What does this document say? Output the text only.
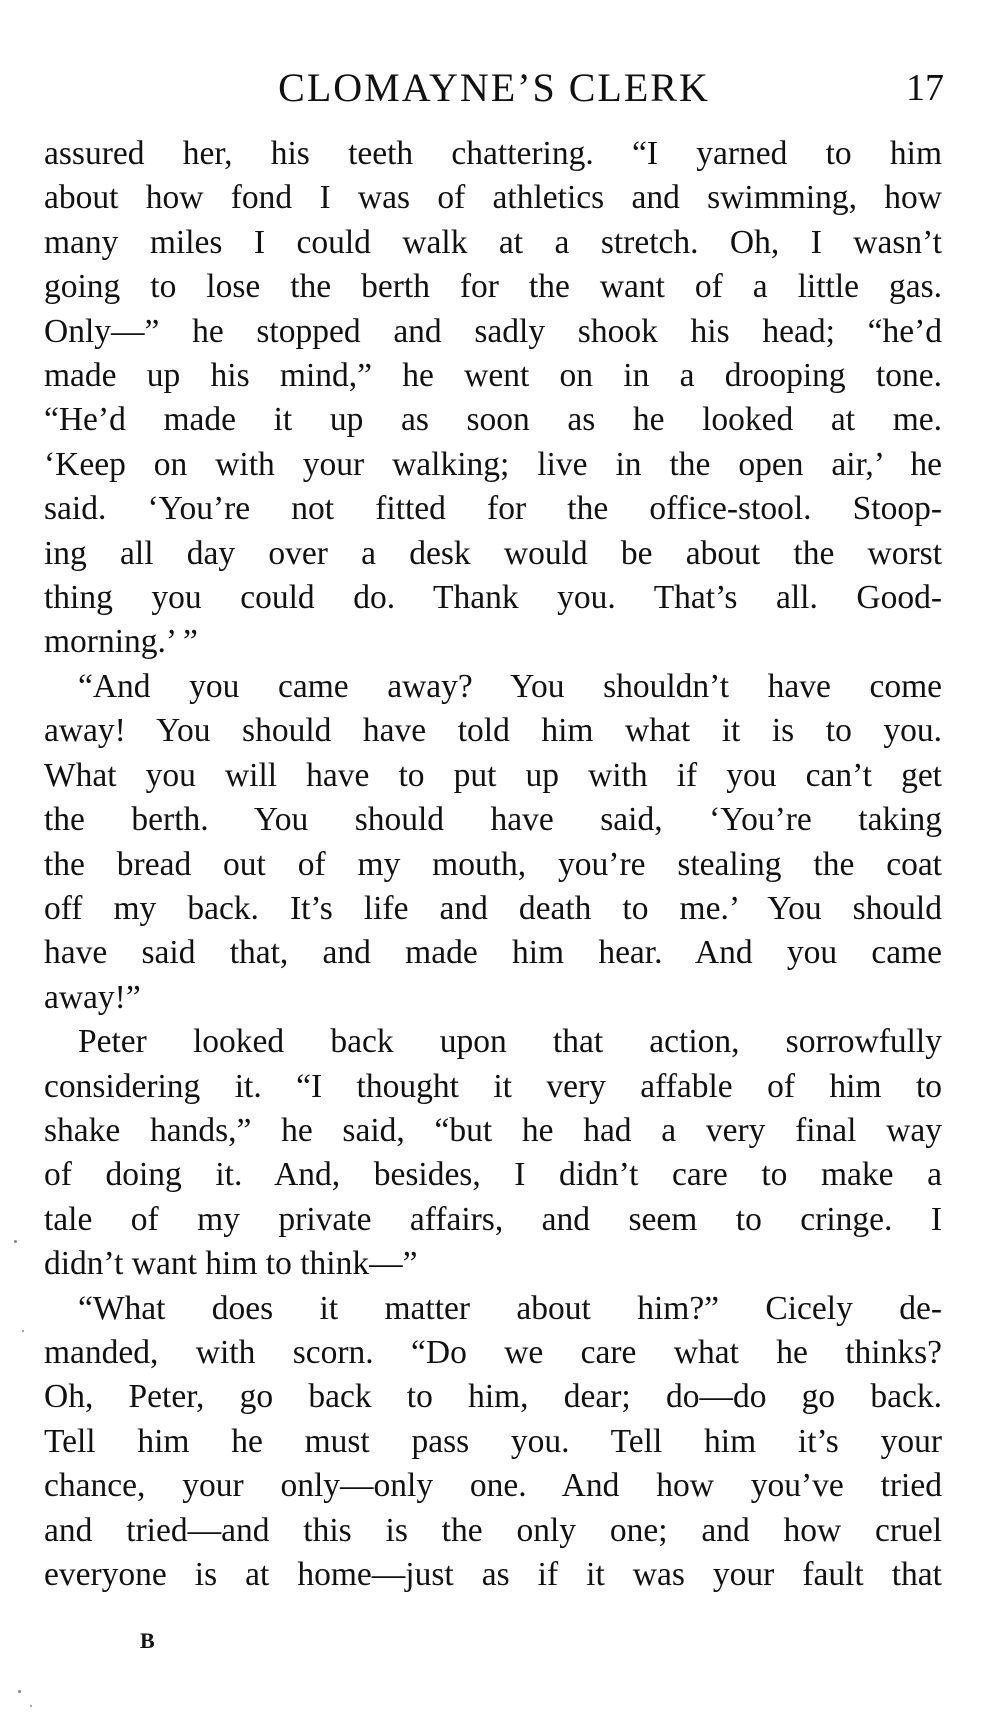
CLOMAYNE’S CLERK	17
assured her, his teeth chattering. “I yarned to him
about how fond I was of athletics and swimming, how
many miles I could walk at a stretch. Oh, I wasn’t
going to lose the berth for the want of a little gas.
Only—” he stopped and sadly shook his head; “he’d
made up his mind,” he went on in a drooping tone.
“He’d made it up as soon as he looked at me.
‘Keep on with your walking; live in the open air,’ he
said. ‘You’re not fitted for the office-stool. Stoop-
ing all day over a desk would be about the worst
thing you could do. Thank you. That’s all. Good-
morning.’ ”
“And you came away? You shouldn’t have come
away! You should have told him what it is to you.
What you will have to put up with if you can’t get
the berth. You should have said, ‘You’re taking
the bread out of my mouth, you’re stealing the coat
off my back. It’s life and death to me.’ You should
have said that, and made him hear. And you came
away!”
Peter looked back upon that action, sorrowfully
considering it. “I thought it very affable of him to
shake hands,” he said, “but he had a very final way
of doing it. And, besides, I didn’t care to make a
tale of my private affairs, and seem to cringe. I
didn’t want him to think—”
“What does it matter about him?” Cicely de-
manded, with scorn. “Do we care what he thinks?
Oh, Peter, go back to him, dear; do—do go back.
Tell him he must pass you. Tell him it’s your
chance, your only—only one. And how you’ve tried
and tried—and this is the only one; and how cruel
everyone is at home—just as if it was your fault that
B
